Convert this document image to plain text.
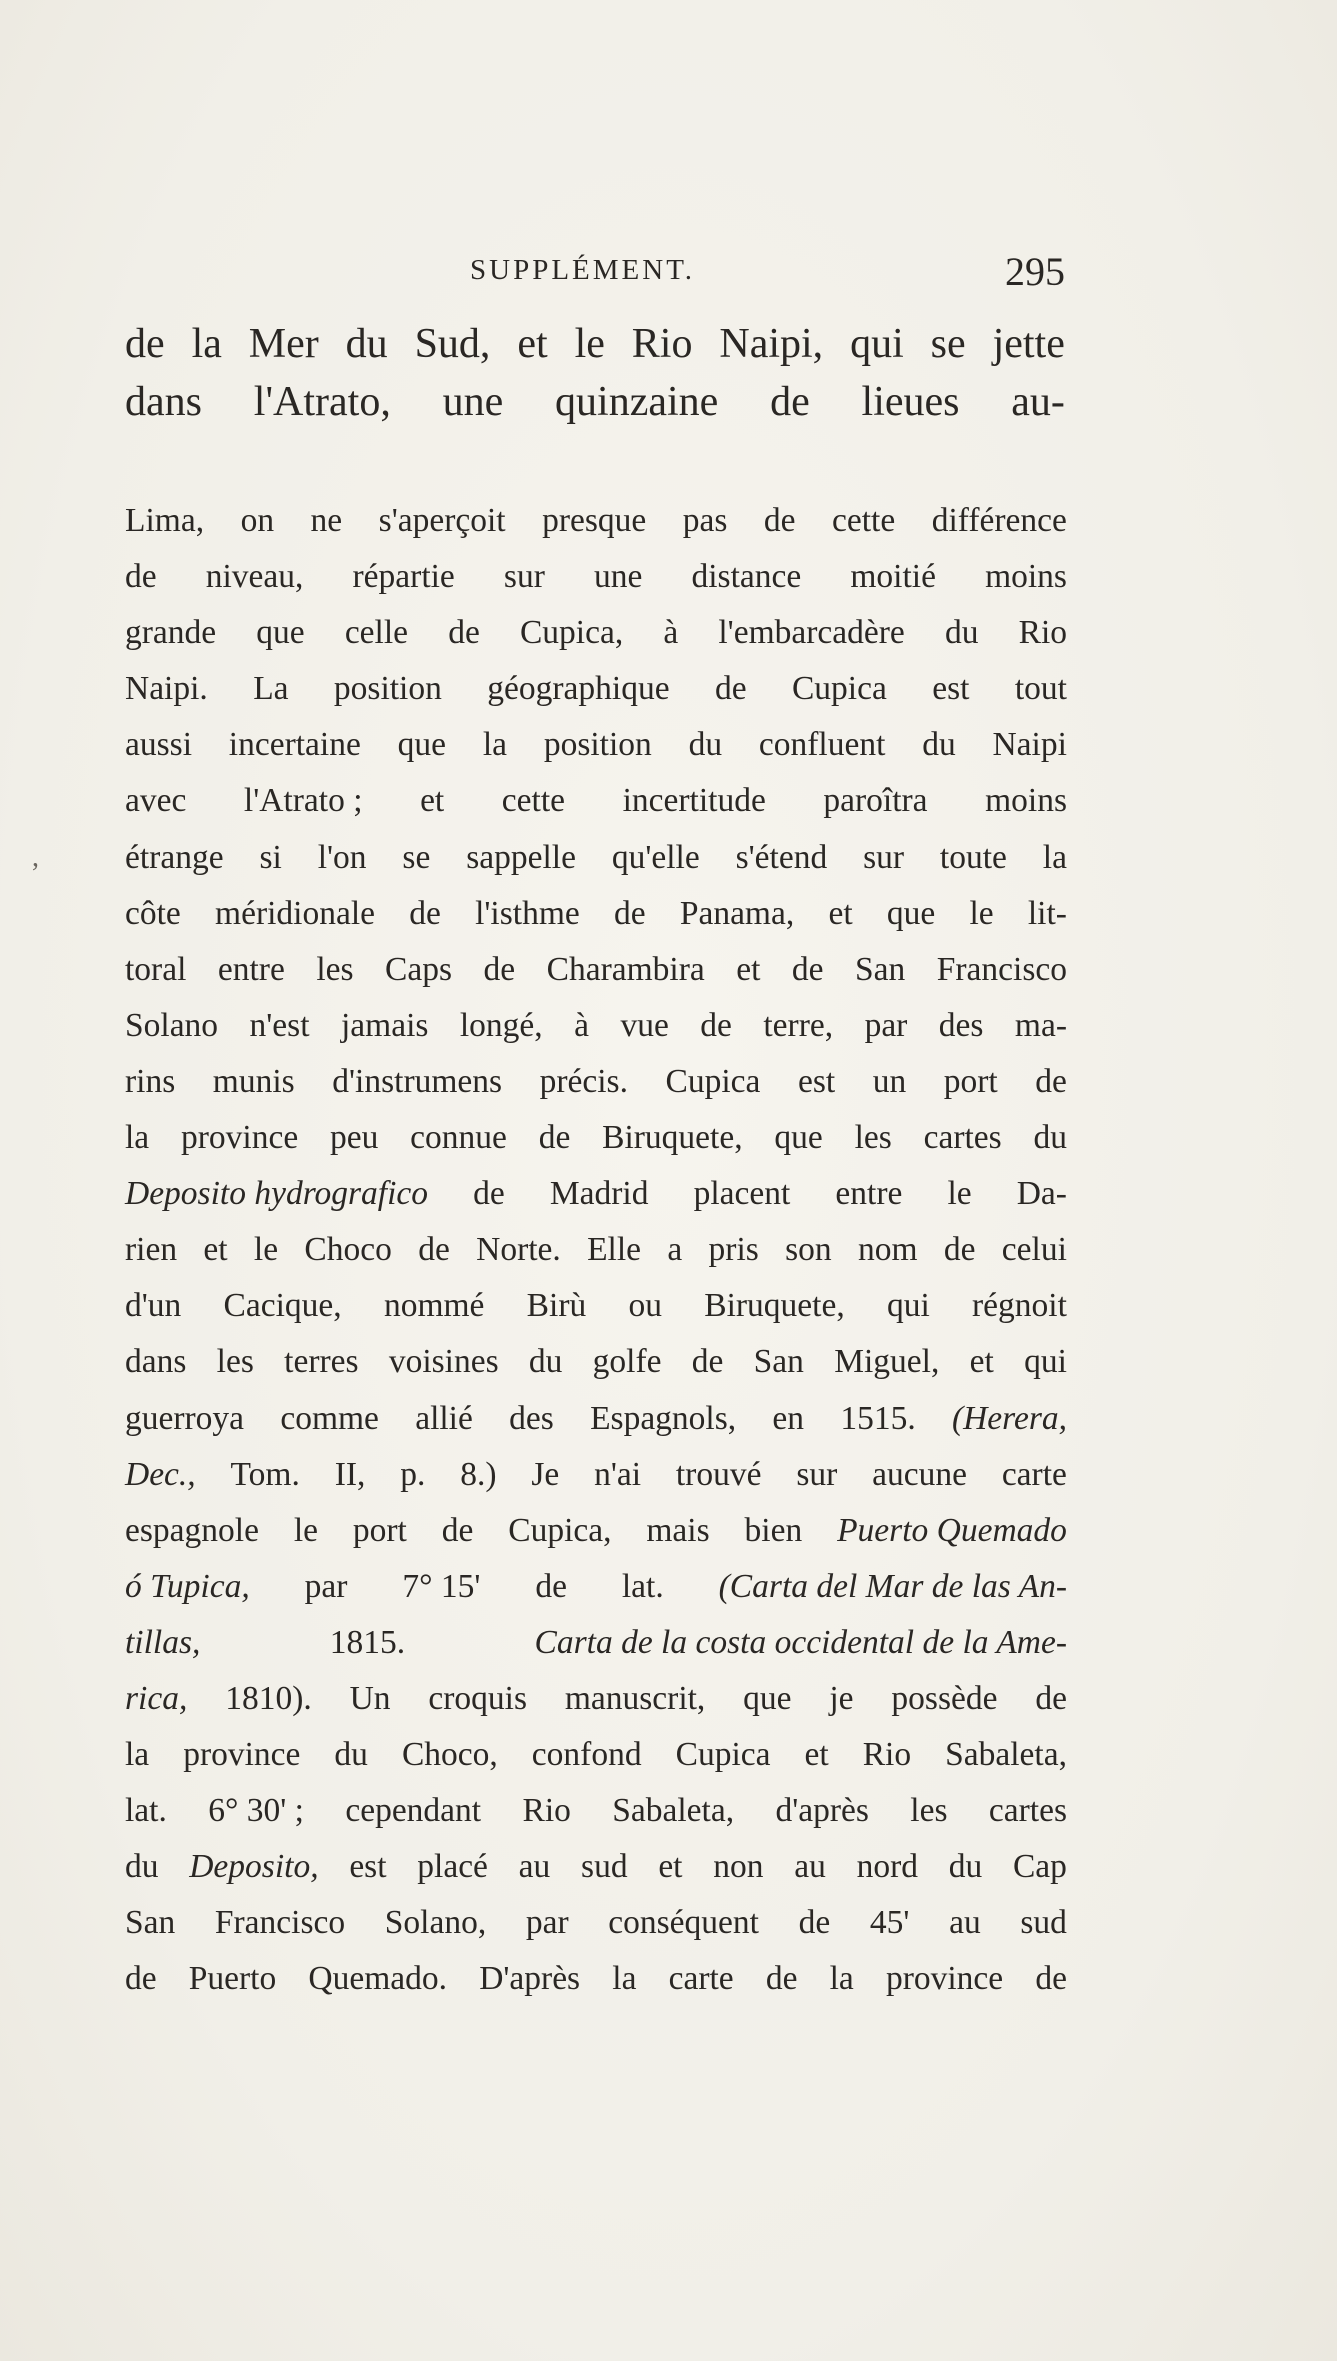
SUPPLÉMENT.	295
,
de la Mer du Sud, et le Rio Naipi, qui se jette
dans l'Atrato, une quinzaine de lieues au-
Lima, on ne s'aperçoit presque pas de cette différence
de niveau, répartie sur une distance moitié moins
grande que celle de Cupica, à l'embarcadère du Rio
Naipi. La position géographique de Cupica est tout
aussi incertaine que la position du confluent du Naipi
avec l'Atrato ; et cette incertitude paroîtra moins
étrange si l'on se sappelle qu'elle s'étend sur toute la
côte méridionale de l'isthme de Panama, et que le lit-
toral entre les Caps de Charambira et de San Francisco
Solano n'est jamais longé, à vue de terre, par des ma-
rins munis d'instrumens précis. Cupica est un port de
la province peu connue de Biruquete, que les cartes du
Deposito hydrografico de Madrid placent entre le Da-
rien et le Choco de Norte. Elle a pris son nom de celui
d'un Cacique, nommé Birù ou Biruquete, qui régnoit
dans les terres voisines du golfe de San Miguel, et qui
guerroya comme allié des Espagnols, en 1515. (Herera,
Dec., Tom. II, p. 8.) Je n'ai trouvé sur aucune carte
espagnole le port de Cupica, mais bien Puerto Quemado
ó Tupica, par 7° 15' de lat. (Carta del Mar de las An-
tillas,	1815.	Carta de la costa occidental de la Ame-
rica, 1810). Un croquis manuscrit, que je possède de
la province du Choco, confond Cupica et Rio Sabaleta,
lat. 6° 30' ; cependant Rio Sabaleta, d'après les cartes
du Deposito, est placé au sud et non au nord du Cap
San Francisco Solano, par conséquent de 45' au sud
de Puerto Quemado. D'après la carte de la province de
